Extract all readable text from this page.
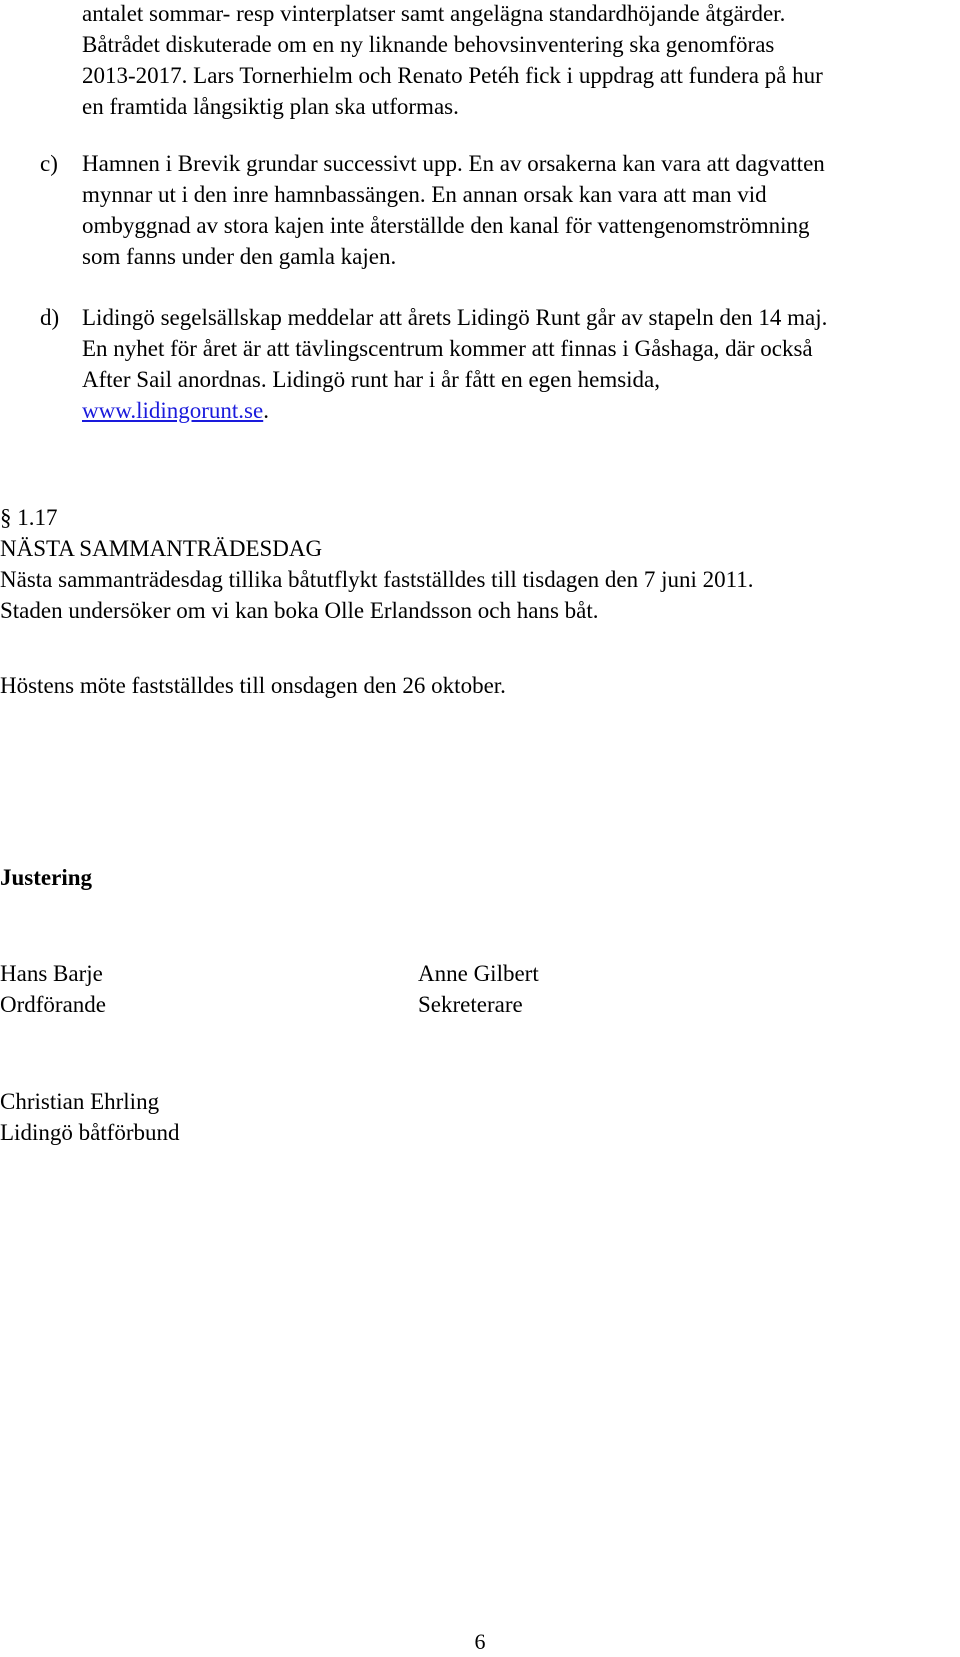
antalet sommar- resp vinterplatser samt angelägna standardhöjande åtgärder.
Båtrådet diskuterade om en ny liknande behovsinventering ska genomföras
2013-2017. Lars Tornerhielm och Renato Petéh fick i uppdrag att fundera på hur
en framtida långsiktig plan ska utformas.
c) Hamnen i Brevik grundar successivt upp. En av orsakerna kan vara att dagvatten
mynnar ut i den inre hamnbassängen. En annan orsak kan vara att man vid
ombyggnad av stora kajen inte återställde den kanal för vattengenomströmning
som fanns under den gamla kajen.
d) Lidingö segelsällskap meddelar att årets Lidingö Runt går av stapeln den 14 maj.
En nyhet för året är att tävlingscentrum kommer att finnas i Gåshaga, där också
After Sail anordnas. Lidingö runt har i år fått en egen hemsida,
www.lidingorunt.se.
§ 1.17
NÄSTA SAMMANTRÄDESDAG
Nästa sammanträdesdag tillika båtutflykt fastställdes till tisdagen den 7 juni 2011.
Staden undersöker om vi kan boka Olle Erlandsson och hans båt.
Höstens möte fastställdes till onsdagen den 26 oktober.
Justering
Hans Barje
Ordförande
Anne Gilbert
Sekreterare
Christian Ehrling
Lidingö båtförbund
6
